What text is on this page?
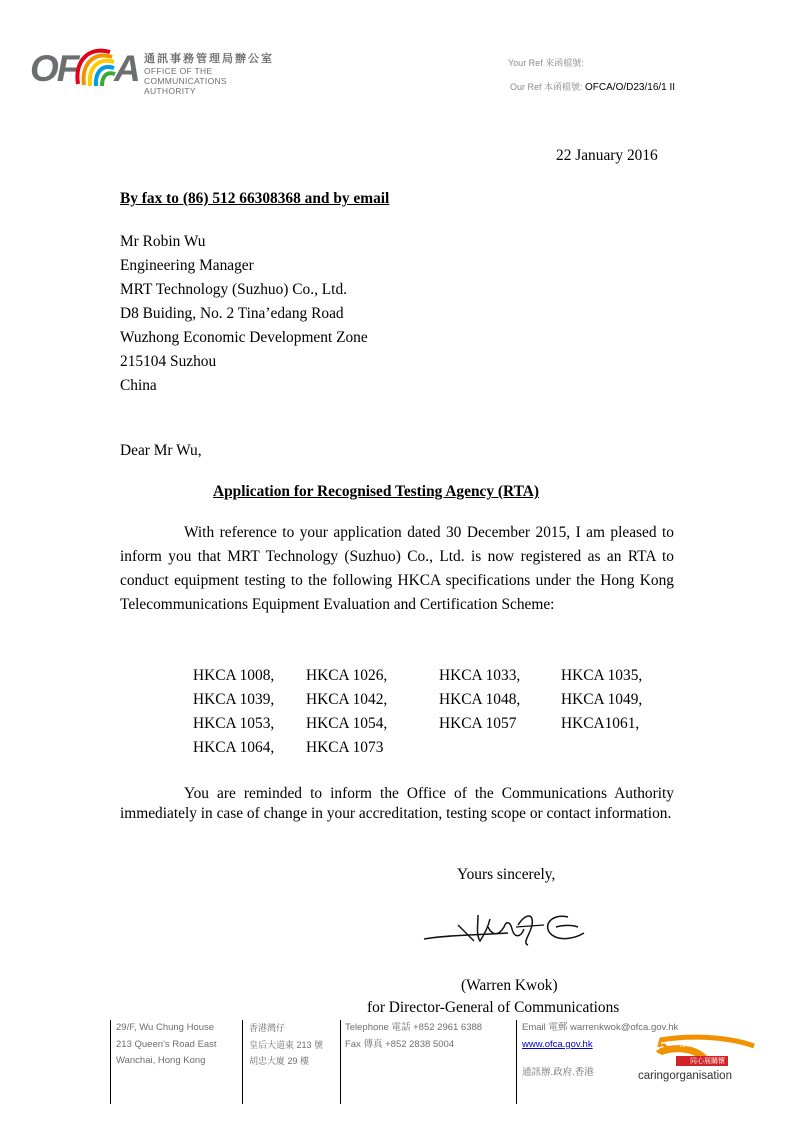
OF A 通訊事務管理局辦公室
OFFICE OF THE
COMMUNICATIONS AUTHORITY
Your Ref 來函檔號:
Our Ref 本函檔號: OFCA/O/D23/16/1 II
22 January 2016
By fax to (86) 512 66308368 and by email
Mr Robin Wu
Engineering Manager
MRT Technology (Suzhuo) Co., Ltd.
D8 Buiding, No. 2 Tina’edang Road
Wuzhong Economic Development Zone
215104 Suzhou
China
Dear Mr Wu,
Application for Recognised Testing Agency (RTA)
With reference to your application dated 30 December 2015, I am pleased to inform you that MRT Technology (Suzhuo) Co., Ltd. is now registered as an RTA to conduct equipment testing to the following HKCA specifications under the Hong Kong Telecommunications Equipment Evaluation and Certification Scheme:
HKCA 1008, HKCA 1026,	HKCA 1033,	HKCA 1035,
HKCA 1039, HKCA 1042,	HKCA 1048,	HKCA 1049,
HKCA 1053, HKCA 1054,	HKCA 1057	HKCA1061,
HKCA 1064, HKCA 1073
You are reminded to inform the Office of the Communications Authority immediately in case of change in your accreditation, testing scope or contact information.
Yours sincerely,
(Warren Kwok)
for Director-General of Communications
29/F, Wu Chung House
213 Queen's Road East
Wanchai, Hong Kong
香港灣仔
皇后大道東 213 號
胡忠大廈 29 樓
Telephone 電話 +852 2961 6388
Fax 傳真 +852 2838 5004
Email 電郵 warrenkwok@ofca.gov.hk
www.ofca.gov.hk
通訊辦.政府.香港
5 consecutive years
同心展關懷
caringorganisation
